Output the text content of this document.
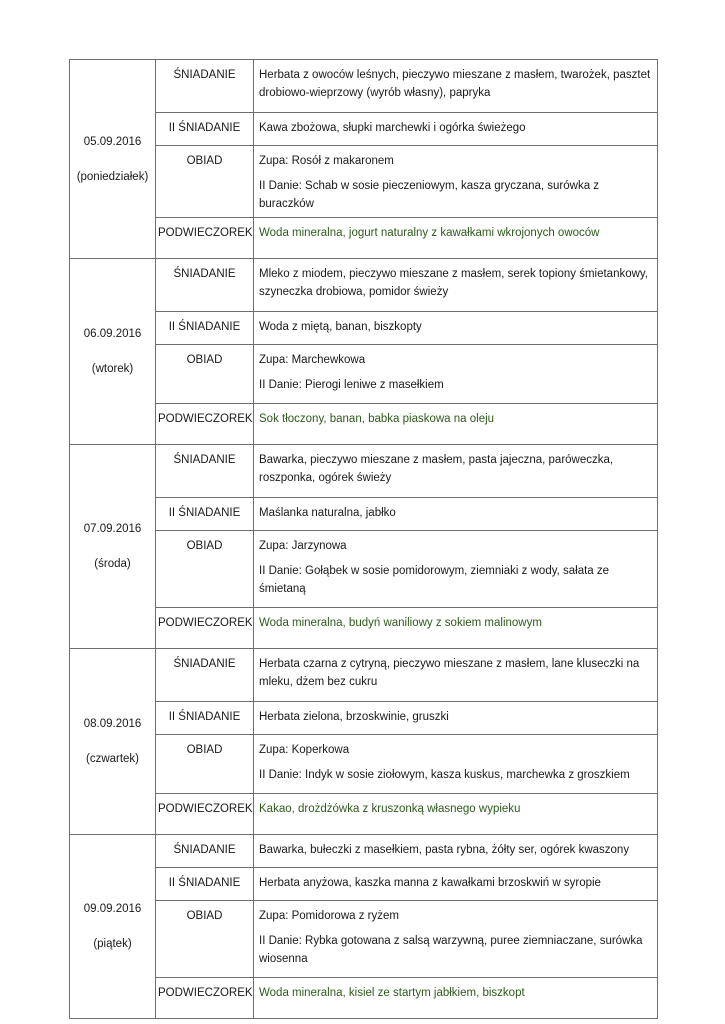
05.09.2016
(poniedziałek)	ŚNIADANIE	Herbata z owoców leśnych, pieczywo mieszane z masłem, twarożek, pasztet drobiowo-wieprzowy (wyrób własny), papryka

	II ŚNIADANIE	Kawa zbożowa, słupki marchewki i ogórka świeżego

	OBIAD	Zupa: Rosół z makaronem
II Danie: Schab w sosie pieczeniowym, kasza gryczana, surówka z buraczków

	PODWIECZOREK	Woda mineralna, jogurt naturalny z kawałkami wkrojonych owoców

06.09.2016
(wtorek)	ŚNIADANIE	Mleko z miodem, pieczywo mieszane z masłem, serek topiony śmietankowy, szyneczka drobiowa, pomidor świeży

	II ŚNIADANIE	Woda z miętą, banan, biszkopty

	OBIAD	Zupa: Marchewkowa
II Danie: Pierogi leniwe z masełkiem

	PODWIECZOREK	Sok tłoczony, banan, babka piaskowa na oleju

07.09.2016
(środa)	ŚNIADANIE	Bawarka, pieczywo mieszane z masłem, pasta jajeczna, paróweczka, roszponka, ogórek świeży

	II ŚNIADANIE	Maślanka naturalna, jabłko

	OBIAD	Zupa: Jarzynowa
II Danie: Gołąbek w sosie pomidorowym, ziemniaki z wody, sałata ze śmietaną

	PODWIECZOREK	Woda mineralna, budyń waniliowy z sokiem malinowym

08.09.2016
(czwartek)	ŚNIADANIE	Herbata czarna z cytryną, pieczywo mieszane z masłem, lane kluseczki na mleku, dżem bez cukru

	II ŚNIADANIE	Herbata zielona, brzoskwinie, gruszki

	OBIAD	Zupa: Koperkowa
II Danie: Indyk w sosie ziołowym, kasza kuskus, marchewka z groszkiem

	PODWIECZOREK	Kakao, drożdżówka z kruszonką własnego wypieku

09.09.2016
(piątek)	ŚNIADANIE	Bawarka, bułeczki z masełkiem, pasta rybna, żółty ser, ogórek kwaszony

	II ŚNIADANIE	Herbata anyżowa, kaszka manna z kawałkami brzoskwiń w syropie

	OBIAD	Zupa: Pomidorowa z ryżem
II Danie: Rybka gotowana z salsą warzywną, puree ziemniaczane, surówka wiosenna

	PODWIECZOREK	Woda mineralna, kisiel ze startym jabłkiem, biszkopt
